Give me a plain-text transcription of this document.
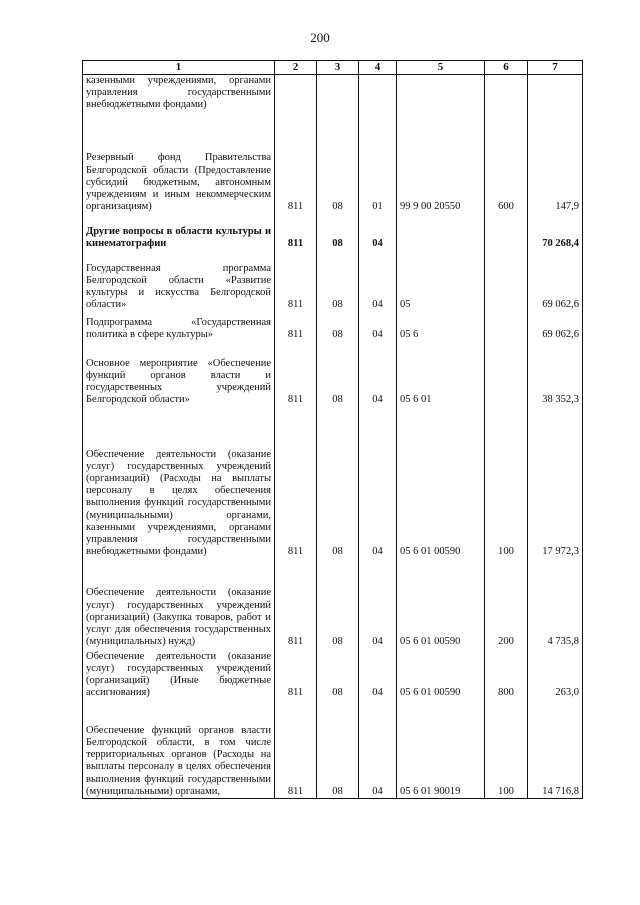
200
1	2	3	4	5	6	7
казенными учреждениями, органами управления государственными внебюджетными фондами)						
Резервный фонд Правительства Белгородской области (Предоставление субсидий бюджетным, автономным учреждениям и иным некоммерческим организациям)	811	08	01	99 9 00 20550	600	147,9
Другие вопросы в области культуры и кинематографии	811	08	04			70 268,4
Государственная программа Белгородской области «Развитие культуры и искусства Белгородской области»	811	08	04	05		69 062,6
Подпрограмма «Государственная политика в сфере культуры»	811	08	04	05 6		69 062,6
Основное мероприятие «Обеспечение функций органов власти и государственных учреждений Белгородской области»	811	08	04	05 6 01		38 352,3
Обеспечение деятельности (оказание услуг) государственных учреждений (организаций) (Расходы на выплаты персоналу в целях обеспечения выполнения функций государственными (муниципальными) органами, казенными учреждениями, органами управления государственными внебюджетными фондами)	811	08	04	05 6 01 00590	100	17 972,3
Обеспечение деятельности (оказание услуг) государственных учреждений (организаций) (Закупка товаров, работ и услуг для обеспечения государственных (муниципальных) нужд)	811	08	04	05 6 01 00590	200	4 735,8
Обеспечение деятельности (оказание услуг) государственных учреждений (организаций) (Иные бюджетные ассигнования)	811	08	04	05 6 01 00590	800	263,0
Обеспечение функций органов власти Белгородской области, в том числе территориальных органов (Расходы на выплаты персоналу в целях обеспечения выполнения функций государственными (муниципальными) органами,	811	08	04	05 6 01 90019	100	14 716,8
